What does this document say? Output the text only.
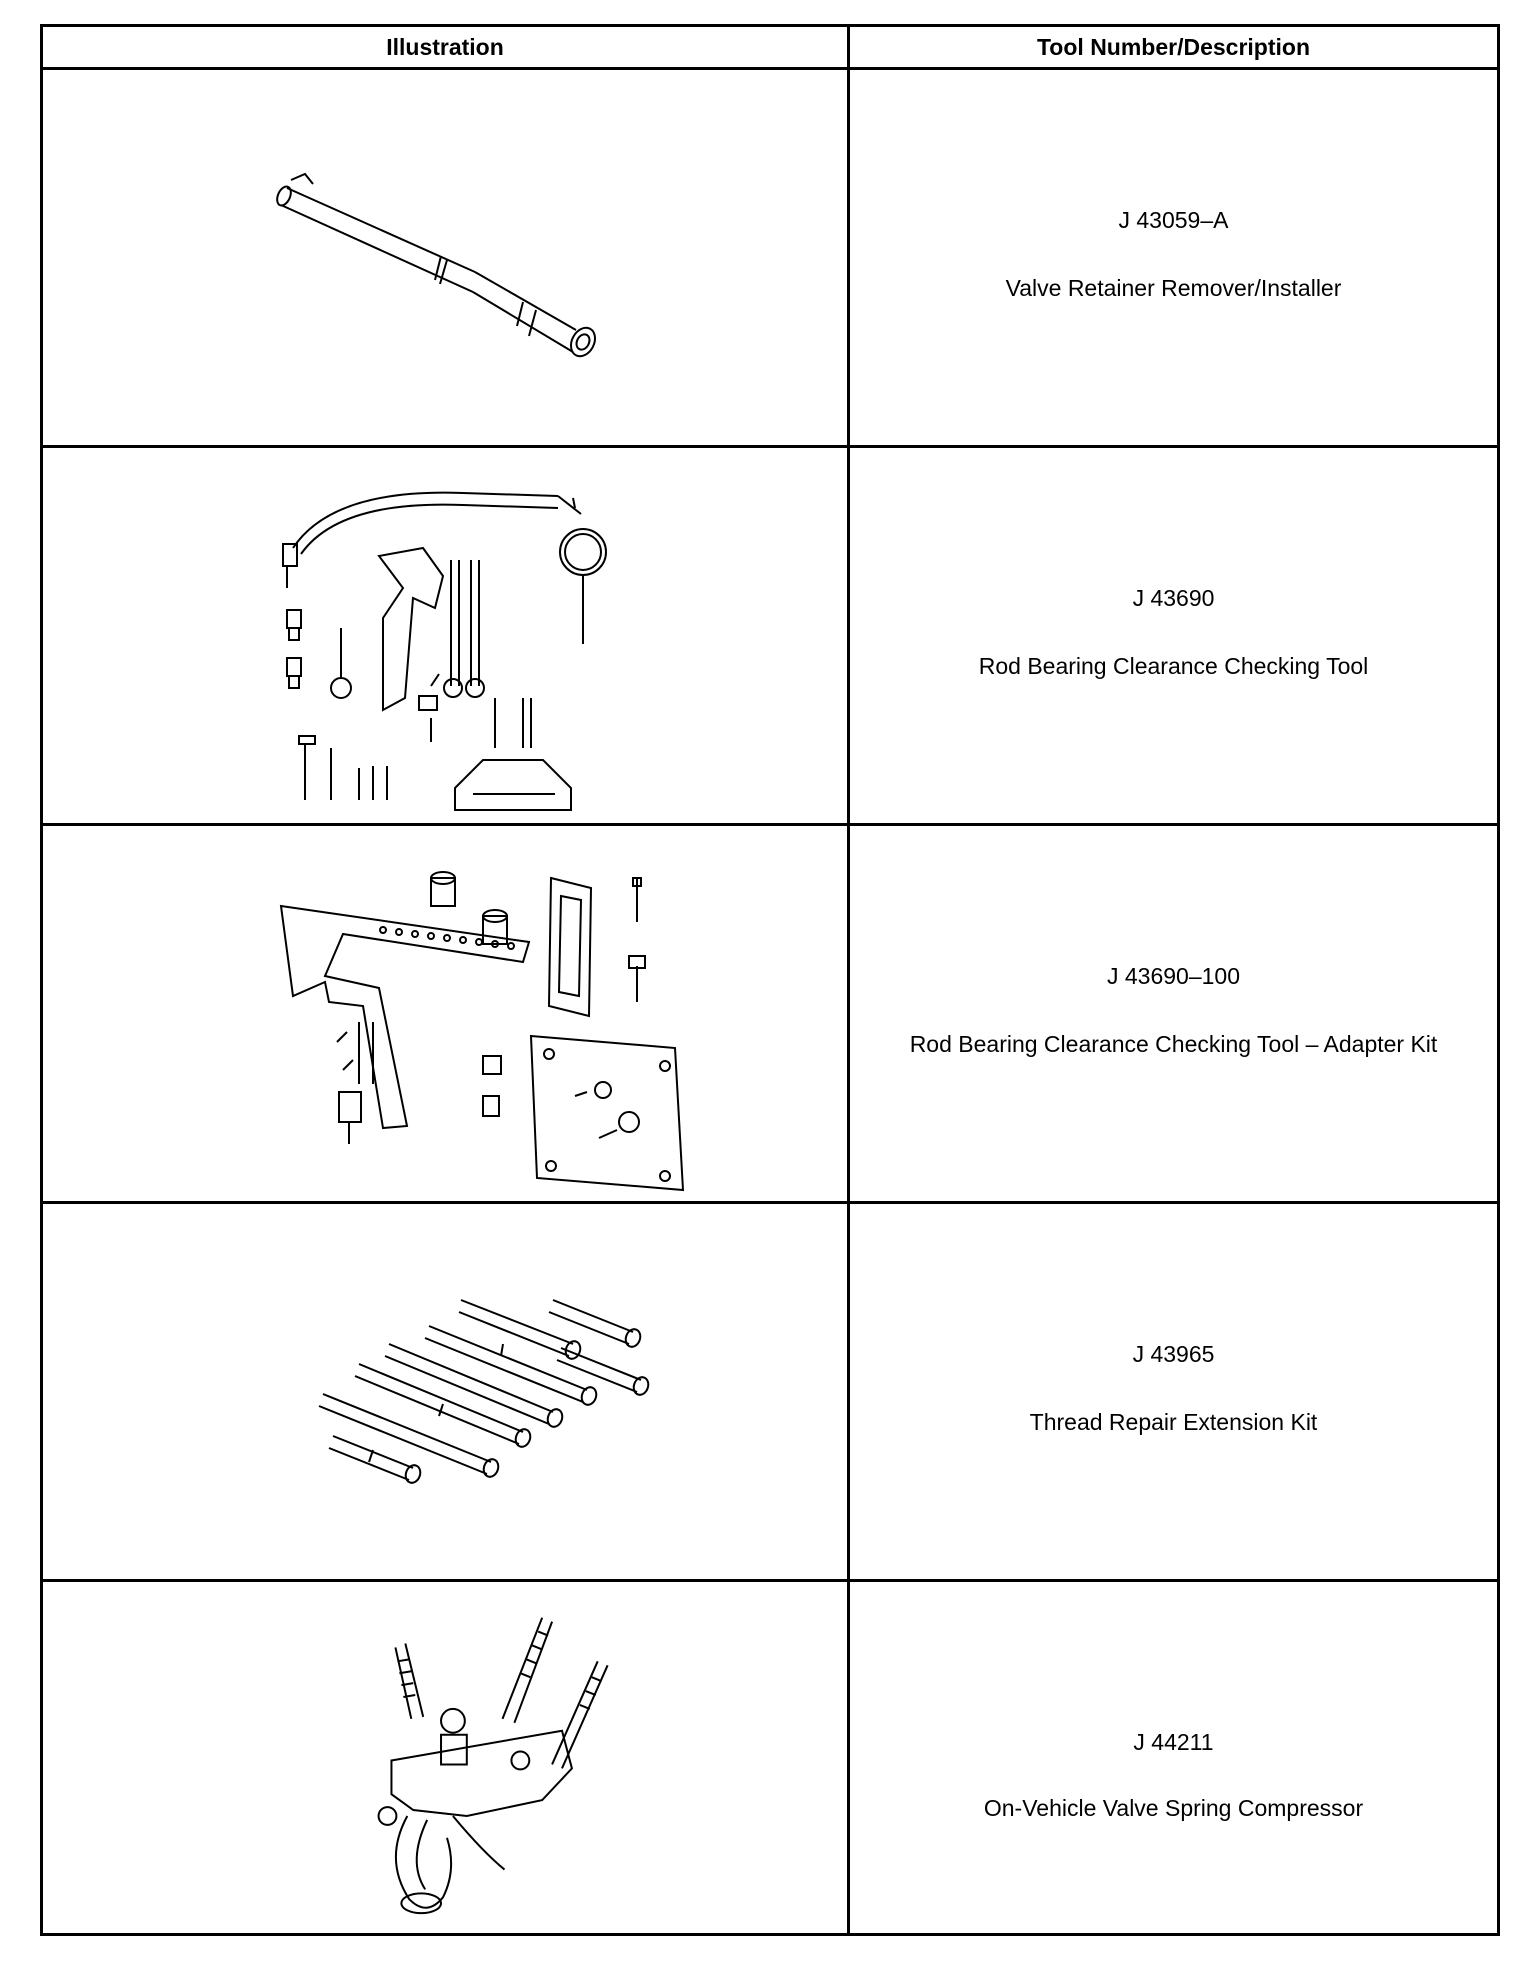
Illustration	Tool Number/Description
J 43059–A
Valve Retainer Remover/Installer
J 43690
Rod Bearing Clearance Checking Tool
J 43690–100
Rod Bearing Clearance Checking Tool – Adapter Kit
J 43965
Thread Repair Extension Kit
J 44211
On-Vehicle Valve Spring Compressor
